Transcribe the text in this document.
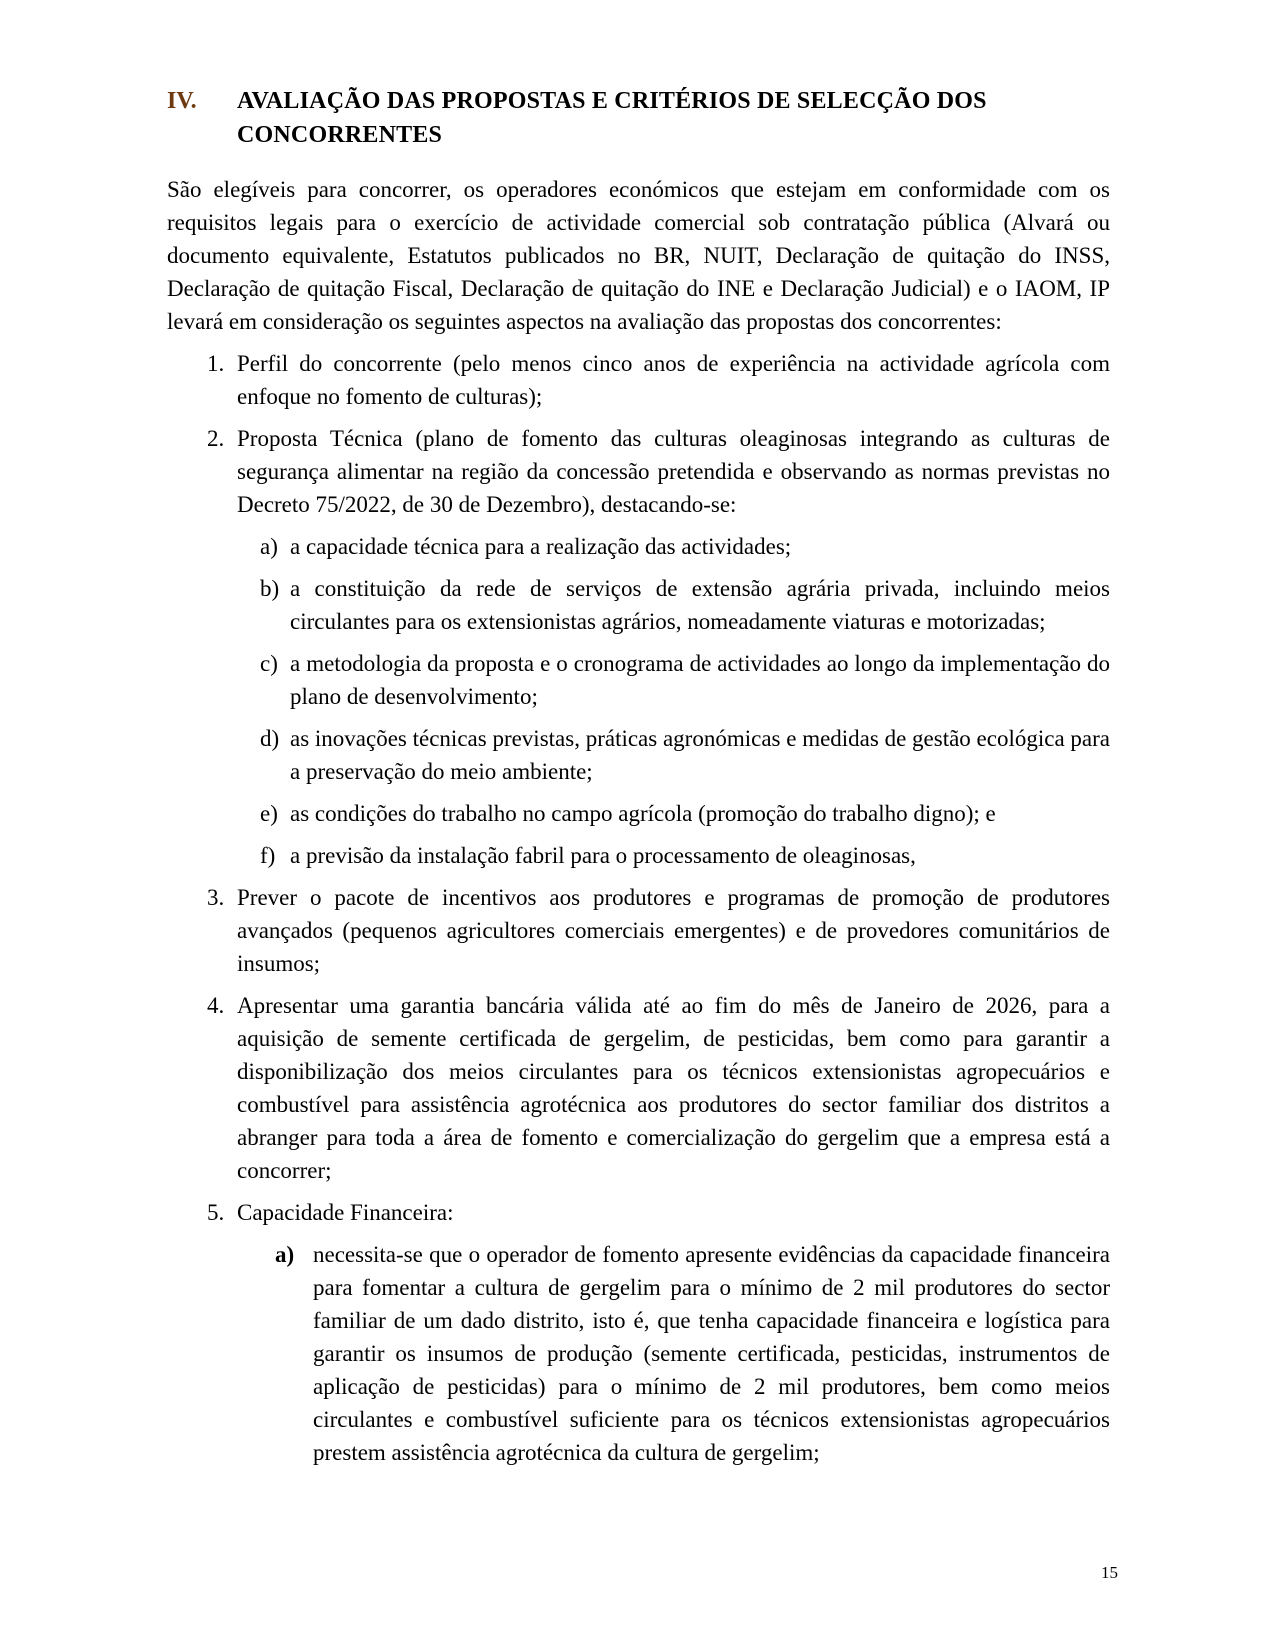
IV.	AVALIAÇÃO DAS PROPOSTAS E CRITÉRIOS DE SELECÇÃO DOS CONCORRENTES
São elegíveis para concorrer, os operadores económicos que estejam em conformidade com os requisitos legais para o exercício de actividade comercial sob contratação pública (Alvará ou documento equivalente, Estatutos publicados no BR, NUIT, Declaração de quitação do INSS, Declaração de quitação Fiscal, Declaração de quitação do INE e Declaração Judicial) e o IAOM, IP levará em consideração os seguintes aspectos na avaliação das propostas dos concorrentes:
1. Perfil do concorrente (pelo menos cinco anos de experiência na actividade agrícola com enfoque no fomento de culturas);
2. Proposta Técnica (plano de fomento das culturas oleaginosas integrando as culturas de segurança alimentar na região da concessão pretendida e observando as normas previstas no Decreto 75/2022, de 30 de Dezembro), destacando-se:
a) a capacidade técnica para a realização das actividades;
b) a constituição da rede de serviços de extensão agrária privada, incluindo meios circulantes para os extensionistas agrários, nomeadamente viaturas e motorizadas;
c) a metodologia da proposta e o cronograma de actividades ao longo da implementação do plano de desenvolvimento;
d) as inovações técnicas previstas, práticas agronómicas e medidas de gestão ecológica para a preservação do meio ambiente;
e) as condições do trabalho no campo agrícola (promoção do trabalho digno); e
f) a previsão da instalação fabril para o processamento de oleaginosas,
3. Prever o pacote de incentivos aos produtores e programas de promoção de produtores avançados (pequenos agricultores comerciais emergentes) e de provedores comunitários de insumos;
4. Apresentar uma garantia bancária válida até ao fim do mês de Janeiro de 2026, para a aquisição de semente certificada de gergelim, de pesticidas, bem como para garantir a disponibilização dos meios circulantes para os técnicos extensionistas agropecuários e combustível para assistência agrotécnica aos produtores do sector familiar dos distritos a abranger para toda a área de fomento e comercialização do gergelim que a empresa está a concorrer;
5. Capacidade Financeira:
a) necessita-se que o operador de fomento apresente evidências da capacidade financeira para fomentar a cultura de gergelim para o mínimo de 2 mil produtores do sector familiar de um dado distrito, isto é, que tenha capacidade financeira e logística para garantir os insumos de produção (semente certificada, pesticidas, instrumentos de aplicação de pesticidas) para o mínimo de 2 mil produtores, bem como meios circulantes e combustível suficiente para os técnicos extensionistas agropecuários prestem assistência agrotécnica da cultura de gergelim;
15
